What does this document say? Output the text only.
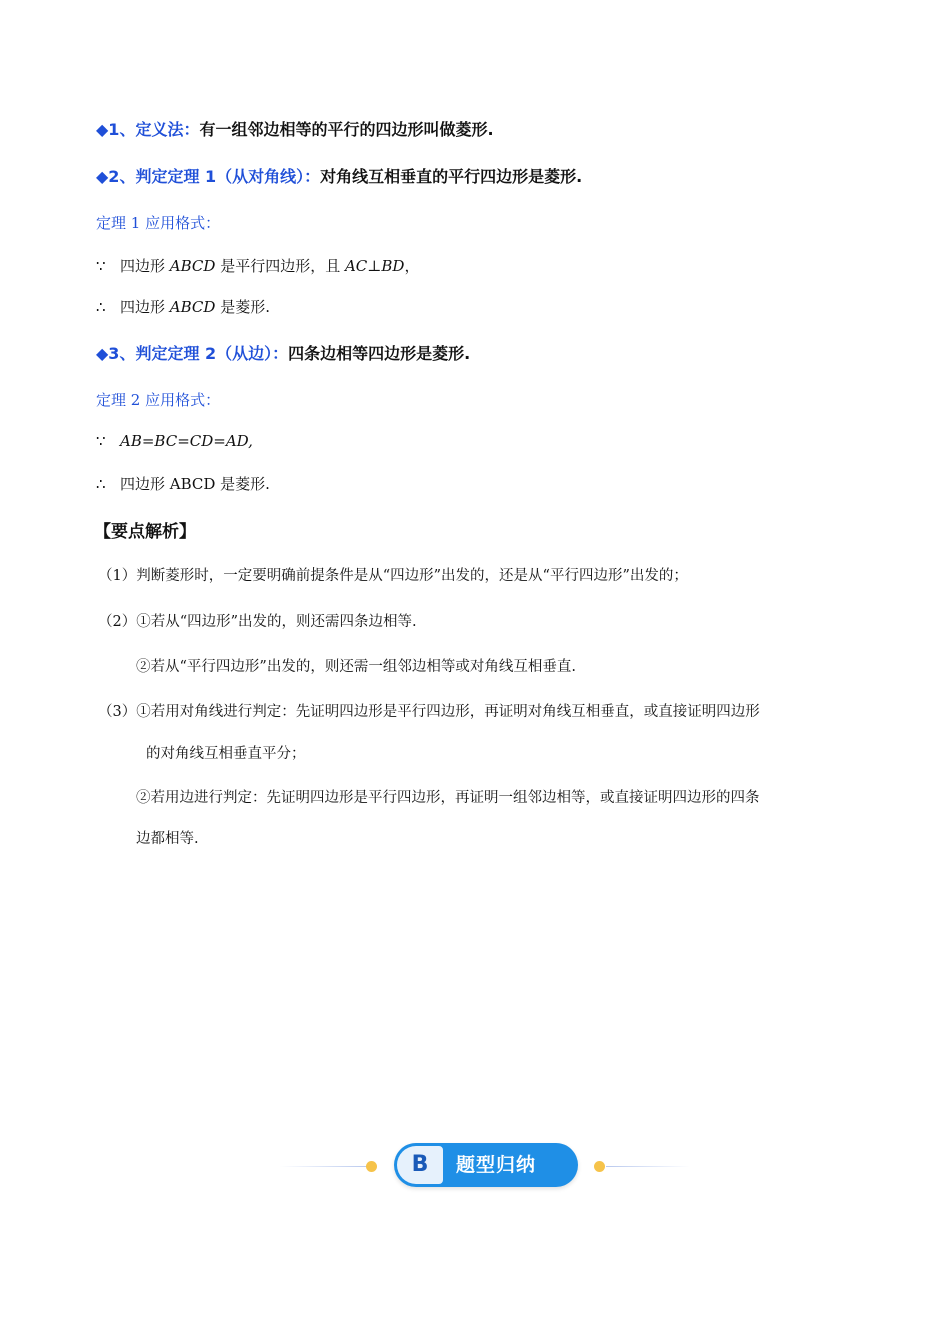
◆1、定义法：有一组邻边相等的平行的四边形叫做菱形.
◆2、判定定理 1（从对角线）：对角线互相垂直的平行四边形是菱形.
定理 1 应用格式：
∵ 四边形 ABCD 是平行四边形，且 AC⊥BD，
∴ 四边形 ABCD 是菱形.
◆3、判定定理 2（从边）：四条边相等四边形是菱形.
定理 2 应用格式：
∵ AB=BC=CD=AD,
∴ 四边形 ABCD 是菱形.
【要点解析】
（1）判断菱形时，一定要明确前提条件是从“四边形”出发的，还是从“平行四边形”出发的；
（2）①若从“四边形”出发的，则还需四条边相等.
②若从“平行四边形”出发的，则还需一组邻边相等或对角线互相垂直.
（3）①若用对角线进行判定：先证明四边形是平行四边形，再证明对角线互相垂直，或直接证明四边形
的对角线互相垂直平分；
②若用边进行判定：先证明四边形是平行四边形，再证明一组邻边相等，或直接证明四边形的四条
边都相等.
B	题型归纳
